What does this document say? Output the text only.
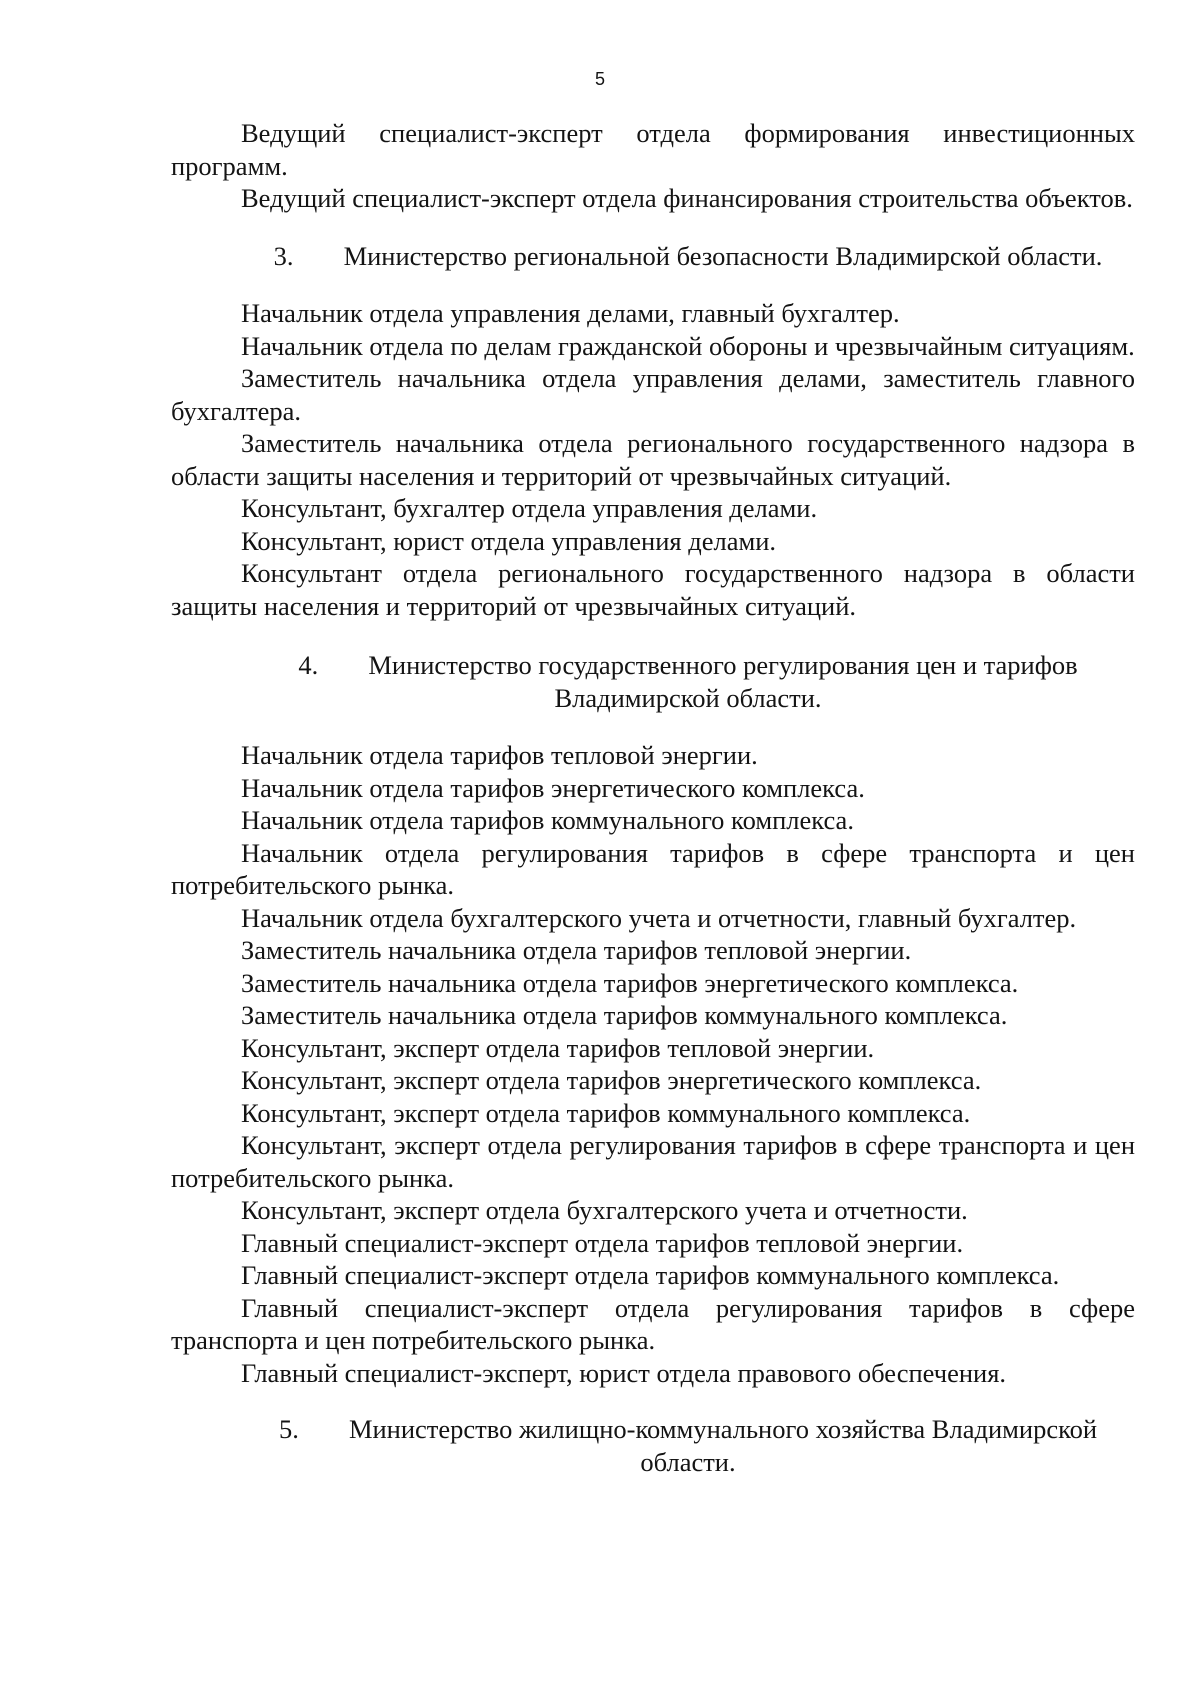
5

Ведущий специалист-эксперт отдела формирования инвестиционных программ.

Ведущий специалист-эксперт отдела финансирования строительства объектов.

3. Министерство региональной безопасности Владимирской области.

Начальник отдела управления делами, главный бухгалтер.

Начальник отдела по делам гражданской обороны и чрезвычайным ситуациям.

Заместитель начальника отдела управления делами, заместитель главного бухгалтера.

Заместитель начальника отдела регионального государственного надзора в области защиты населения и территорий от чрезвычайных ситуаций.

Консультант, бухгалтер отдела управления делами.

Консультант, юрист отдела управления делами.

Консультант отдела регионального государственного надзора в области защиты населения и территорий от чрезвычайных ситуаций.

4. Министерство государственного регулирования цен и тарифов Владимирской области.

Начальник отдела тарифов тепловой энергии.

Начальник отдела тарифов энергетического комплекса.

Начальник отдела тарифов коммунального комплекса.

Начальник отдела регулирования тарифов в сфере транспорта и цен потребительского рынка.

Начальник отдела бухгалтерского учета и отчетности, главный бухгалтер.

Заместитель начальника отдела тарифов тепловой энергии.

Заместитель начальника отдела тарифов энергетического комплекса.

Заместитель начальника отдела тарифов коммунального комплекса.

Консультант, эксперт отдела тарифов тепловой энергии.

Консультант, эксперт отдела тарифов энергетического комплекса.

Консультант, эксперт отдела тарифов коммунального комплекса.

Консультант, эксперт отдела регулирования тарифов в сфере транспорта и цен потребительского рынка.

Консультант, эксперт отдела бухгалтерского учета и отчетности.

Главный специалист-эксперт отдела тарифов тепловой энергии.

Главный специалист-эксперт отдела тарифов коммунального комплекса.

Главный специалист-эксперт отдела регулирования тарифов в сфере транспорта и цен потребительского рынка.

Главный специалист-эксперт, юрист отдела правового обеспечения.

5. Министерство жилищно-коммунального хозяйства Владимирской области.
